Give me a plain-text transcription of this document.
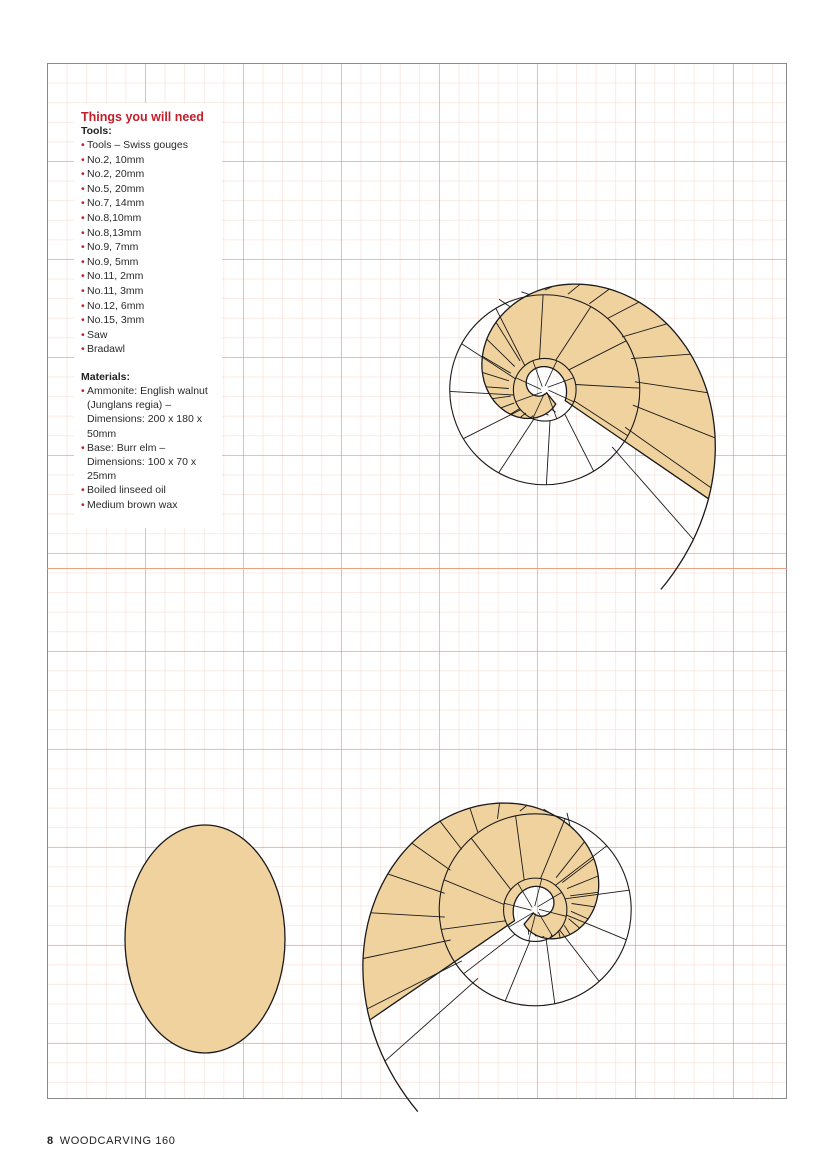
Things you will need
Tools:
• Tools – Swiss gouges
• No.2, 10mm
• No.2, 20mm
• No.5, 20mm
• No.7, 14mm
• No.8,10mm
• No.8,13mm
• No.9, 7mm
• No.9, 5mm
• No.11, 2mm
• No.11, 3mm
• No.12, 6mm
• No.15, 3mm
• Saw
• Bradawl
Materials:
• Ammonite: English walnut (Junglans regia) – Dimensions: 200 x 180 x 50mm
• Base: Burr elm – Dimensions: 100 x 70 x 25mm
• Boiled linseed oil
• Medium brown wax
8 WOODCARVING 160
